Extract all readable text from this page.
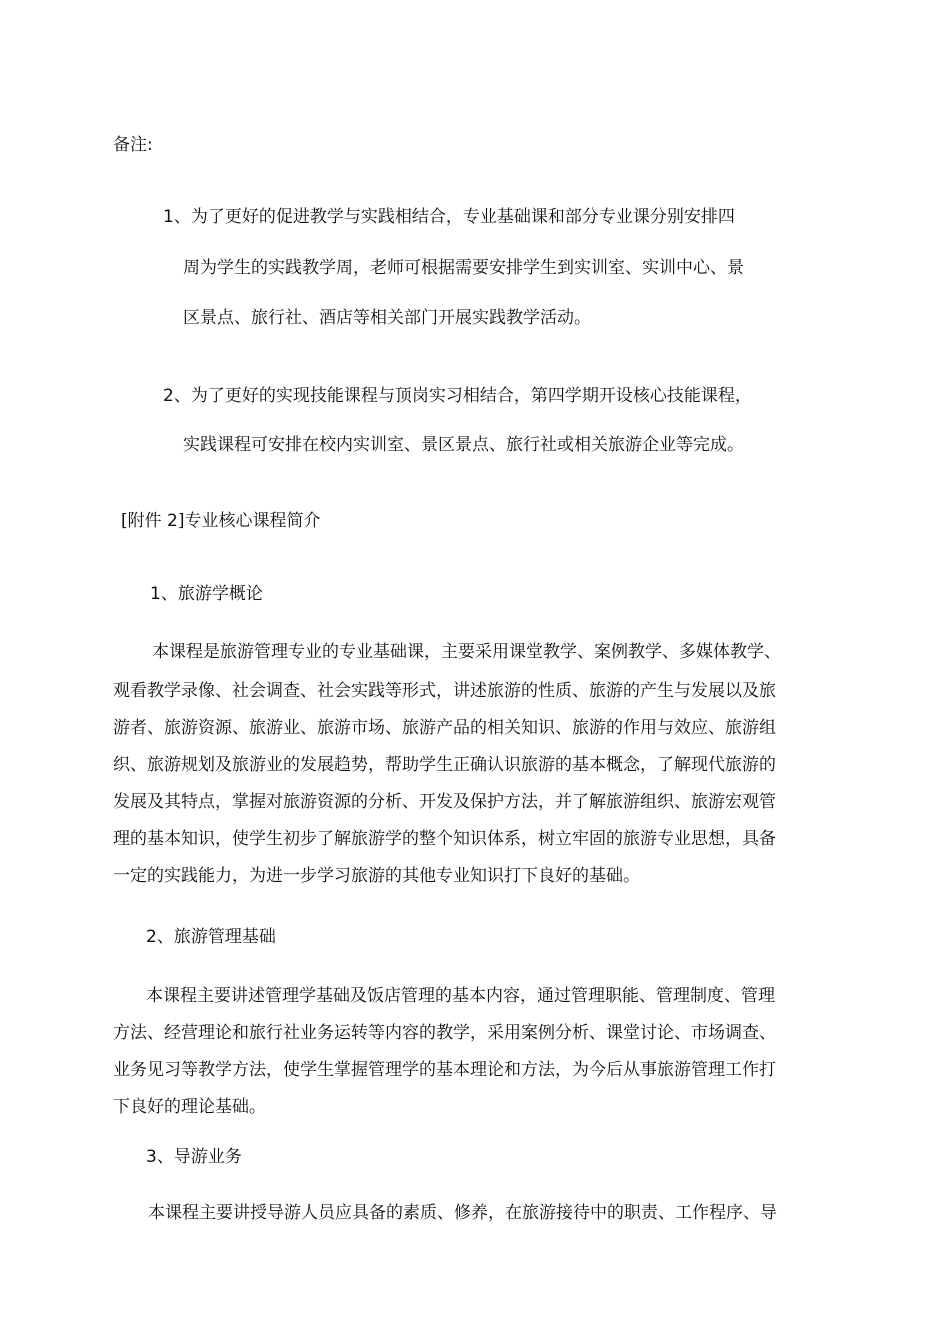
备注:
1、为了更好的促进教学与实践相结合，专业基础课和部分专业课分别安排四
周为学生的实践教学周，老师可根据需要安排学生到实训室、实训中心、景
区景点、旅行社、酒店等相关部门开展实践教学活动。
2、为了更好的实现技能课程与顶岗实习相结合，第四学期开设核心技能课程，
实践课程可安排在校内实训室、景区景点、旅行社或相关旅游企业等完成。
[附件 2]专业核心课程简介
1、旅游学概论
本课程是旅游管理专业的专业基础课，主要采用课堂教学、案例教学、多媒体教学、
观看教学录像、社会调查、社会实践等形式，讲述旅游的性质、旅游的产生与发展以及旅
游者、旅游资源、旅游业、旅游市场、旅游产品的相关知识、旅游的作用与效应、旅游组
织、旅游规划及旅游业的发展趋势，帮助学生正确认识旅游的基本概念，了解现代旅游的
发展及其特点，掌握对旅游资源的分析、开发及保护方法，并了解旅游组织、旅游宏观管
理的基本知识，使学生初步了解旅游学的整个知识体系，树立牢固的旅游专业思想，具备
一定的实践能力，为进一步学习旅游的其他专业知识打下良好的基础。
2、旅游管理基础
本课程主要讲述管理学基础及饭店管理的基本内容，通过管理职能、管理制度、管理
方法、经营理论和旅行社业务运转等内容的教学，采用案例分析、课堂讨论、市场调查、
业务见习等教学方法，使学生掌握管理学的基本理论和方法，为今后从事旅游管理工作打
下良好的理论基础。
3、导游业务
本课程主要讲授导游人员应具备的素质、修养，在旅游接待中的职责、工作程序、导
